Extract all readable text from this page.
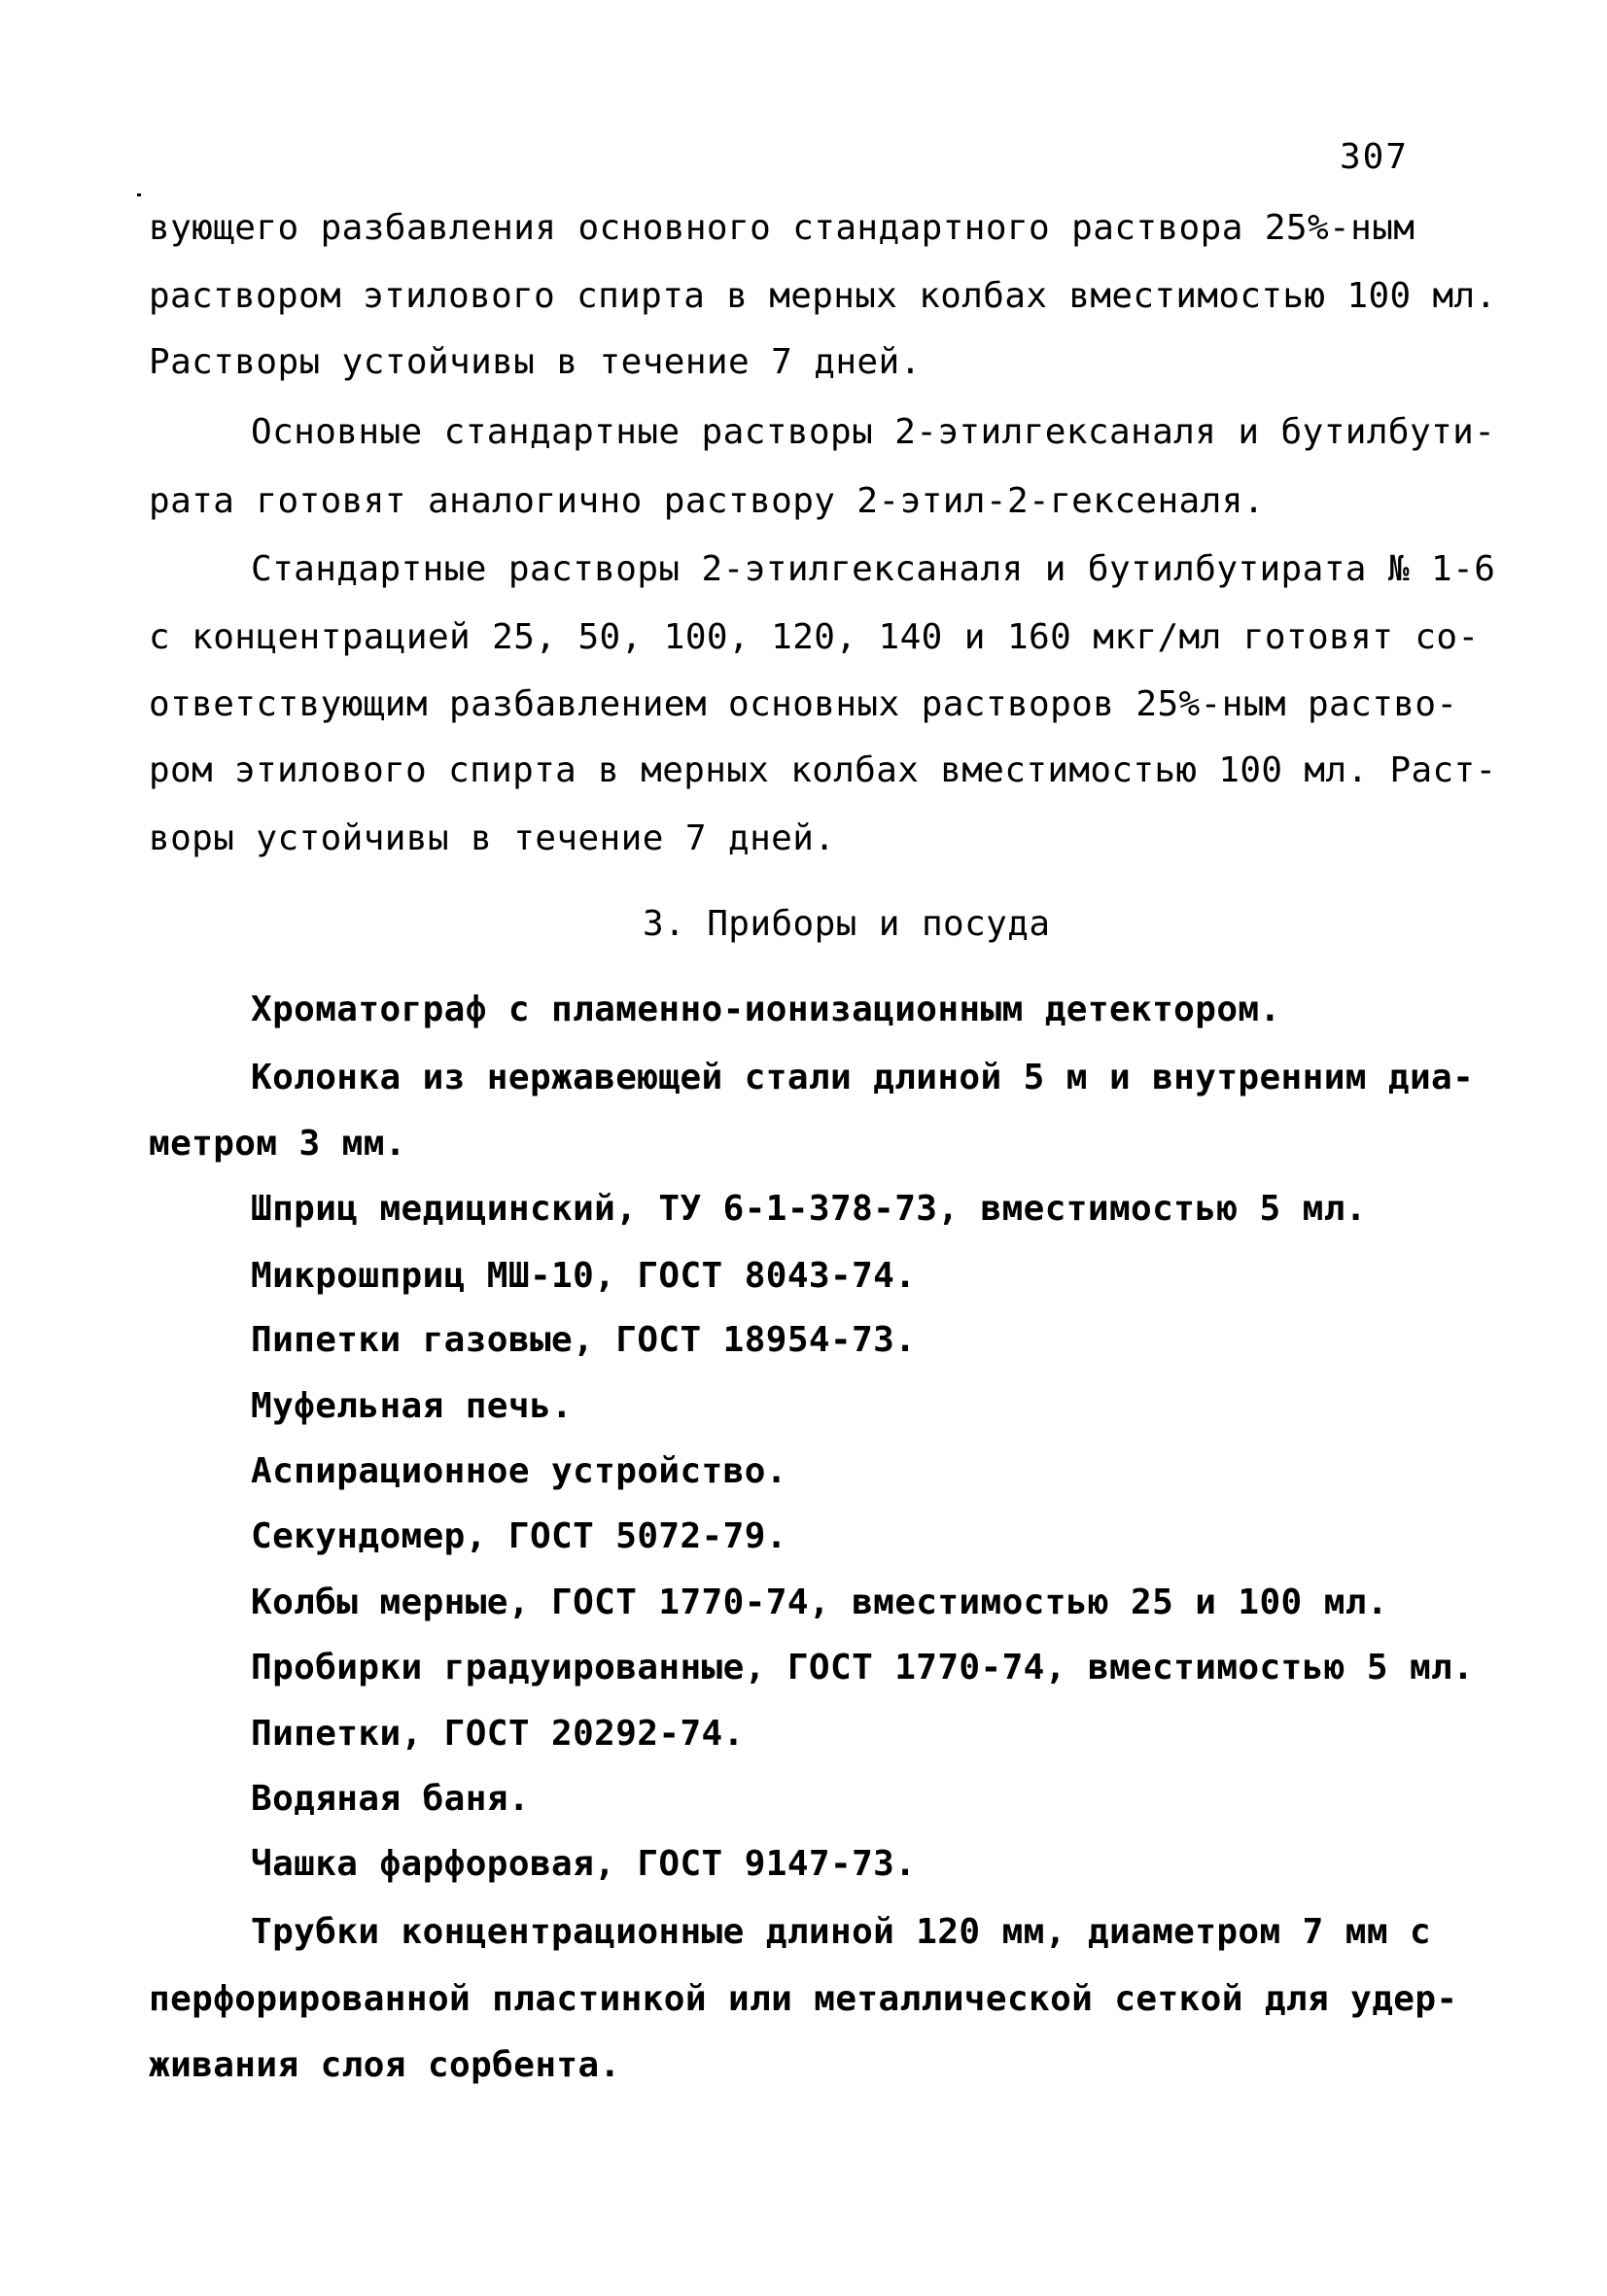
307
вующего разбавления основного стандартного раствора 25%-ным
раствором этилового спирта в мерных колбах вместимостью 100 мл.
Растворы устойчивы в течение 7 дней.
Основные стандартные растворы 2-этилгексаналя и бутилбути-
рата готовят аналогично раствору 2-этил-2-гексеналя.
Стандартные растворы 2-этилгексаналя и бутилбутирата № 1-6
с концентрацией 25, 50, 100, 120, 140 и 160 мкг/мл готовят со-
ответствующим разбавлением основных растворов 25%-ным раство-
ром этилового спирта в мерных колбах вместимостью 100 мл. Раст-
воры устойчивы в течение 7 дней.
3. Приборы и посуда
Хроматограф с пламенно-ионизационным детектором.
Колонка из нержавеющей стали длиной 5 м и внутренним диа-
метром 3 мм.
Шприц медицинский, ТУ 6-1-378-73, вместимостью 5 мл.
Микрошприц МШ-10, ГОСТ 8043-74.
Пипетки газовые, ГОСТ 18954-73.
Муфельная печь.
Аспирационное устройство.
Секундомер, ГОСТ 5072-79.
Колбы мерные, ГОСТ 1770-74, вместимостью 25 и 100 мл.
Пробирки градуированные, ГОСТ 1770-74, вместимостью 5 мл.
Пипетки, ГОСТ 20292-74.
Водяная баня.
Чашка фарфоровая, ГОСТ 9147-73.
Трубки концентрационные длиной 120 мм, диаметром 7 мм с
перфорированной пластинкой или металлической сеткой для удер-
живания слоя сорбента.
